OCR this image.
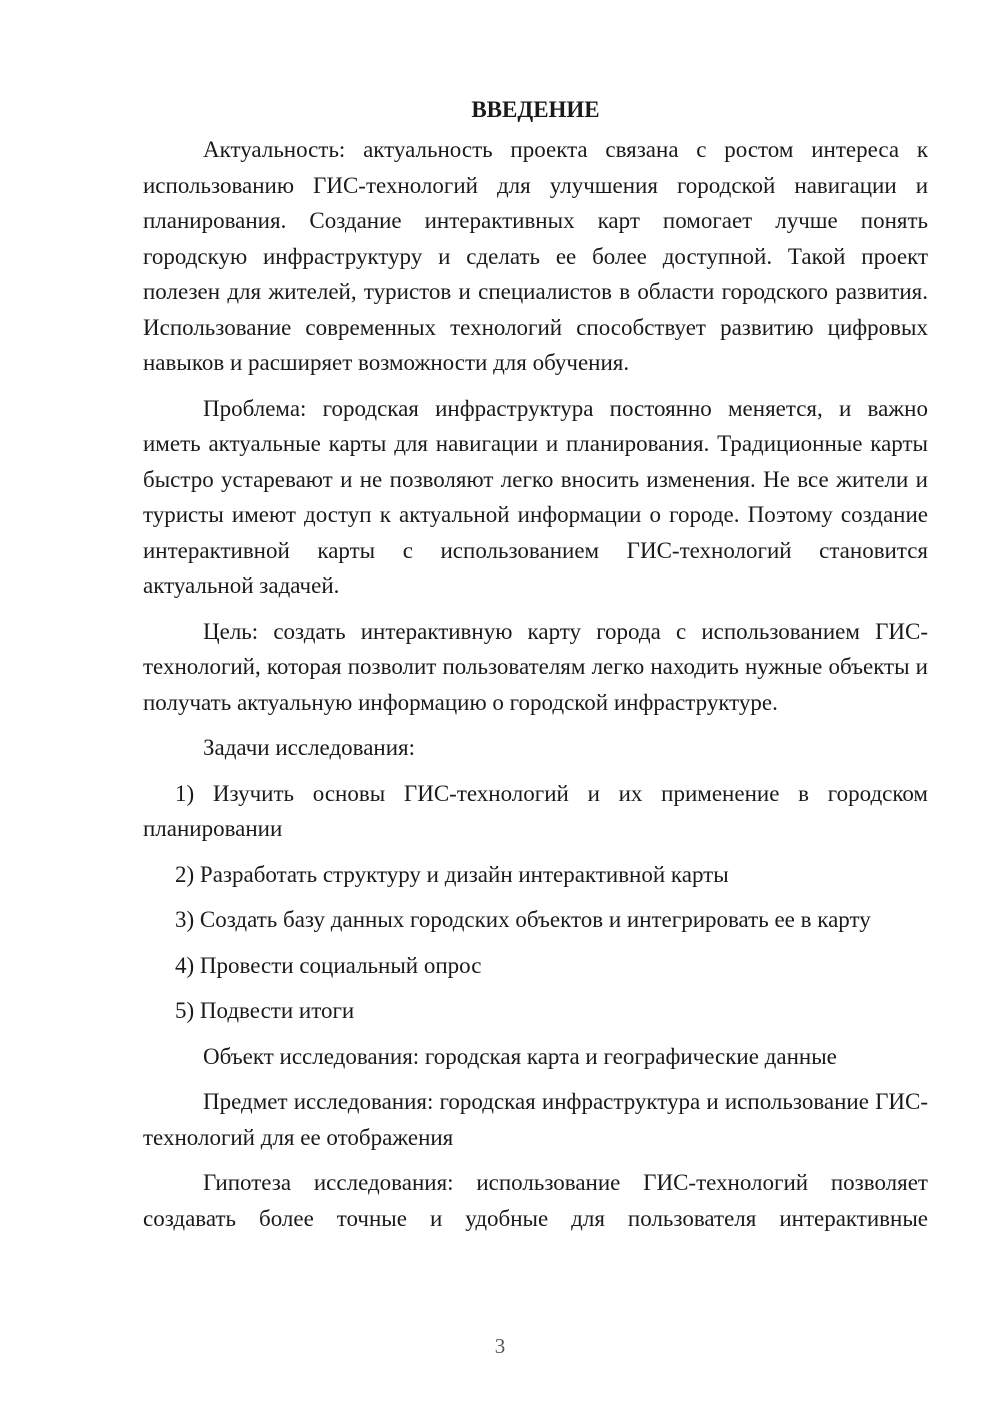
ВВЕДЕНИЕ

Актуальность: актуальность проекта связана с ростом интереса к использованию ГИС-технологий для улучшения городской навигации и планирования. Создание интерактивных карт помогает лучше понять городскую инфраструктуру и сделать ее более доступной. Такой проект полезен для жителей, туристов и специалистов в области городского развития. Использование современных технологий способствует развитию цифровых навыков и расширяет возможности для обучения.

Проблема: городская инфраструктура постоянно меняется, и важно иметь актуальные карты для навигации и планирования. Традиционные карты быстро устаревают и не позволяют легко вносить изменения. Не все жители и туристы имеют доступ к актуальной информации о городе. Поэтому создание интерактивной карты с использованием ГИС-технологий становится актуальной задачей.

Цель: создать интерактивную карту города с использованием ГИС-технологий, которая позволит пользователям легко находить нужные объекты и получать актуальную информацию о городской инфраструктуре.

Задачи исследования:

1) Изучить основы ГИС-технологий и их применение в городском планировании

2) Разработать структуру и дизайн интерактивной карты

3) Создать базу данных городских объектов и интегрировать ее в карту

4) Провести социальный опрос

5) Подвести итоги

Объект исследования: городская карта и географические данные

Предмет исследования: городская инфраструктура и использование ГИС-технологий для ее отображения

Гипотеза исследования: использование ГИС-технологий позволяет создавать более точные и удобные для пользователя интерактивные

3
